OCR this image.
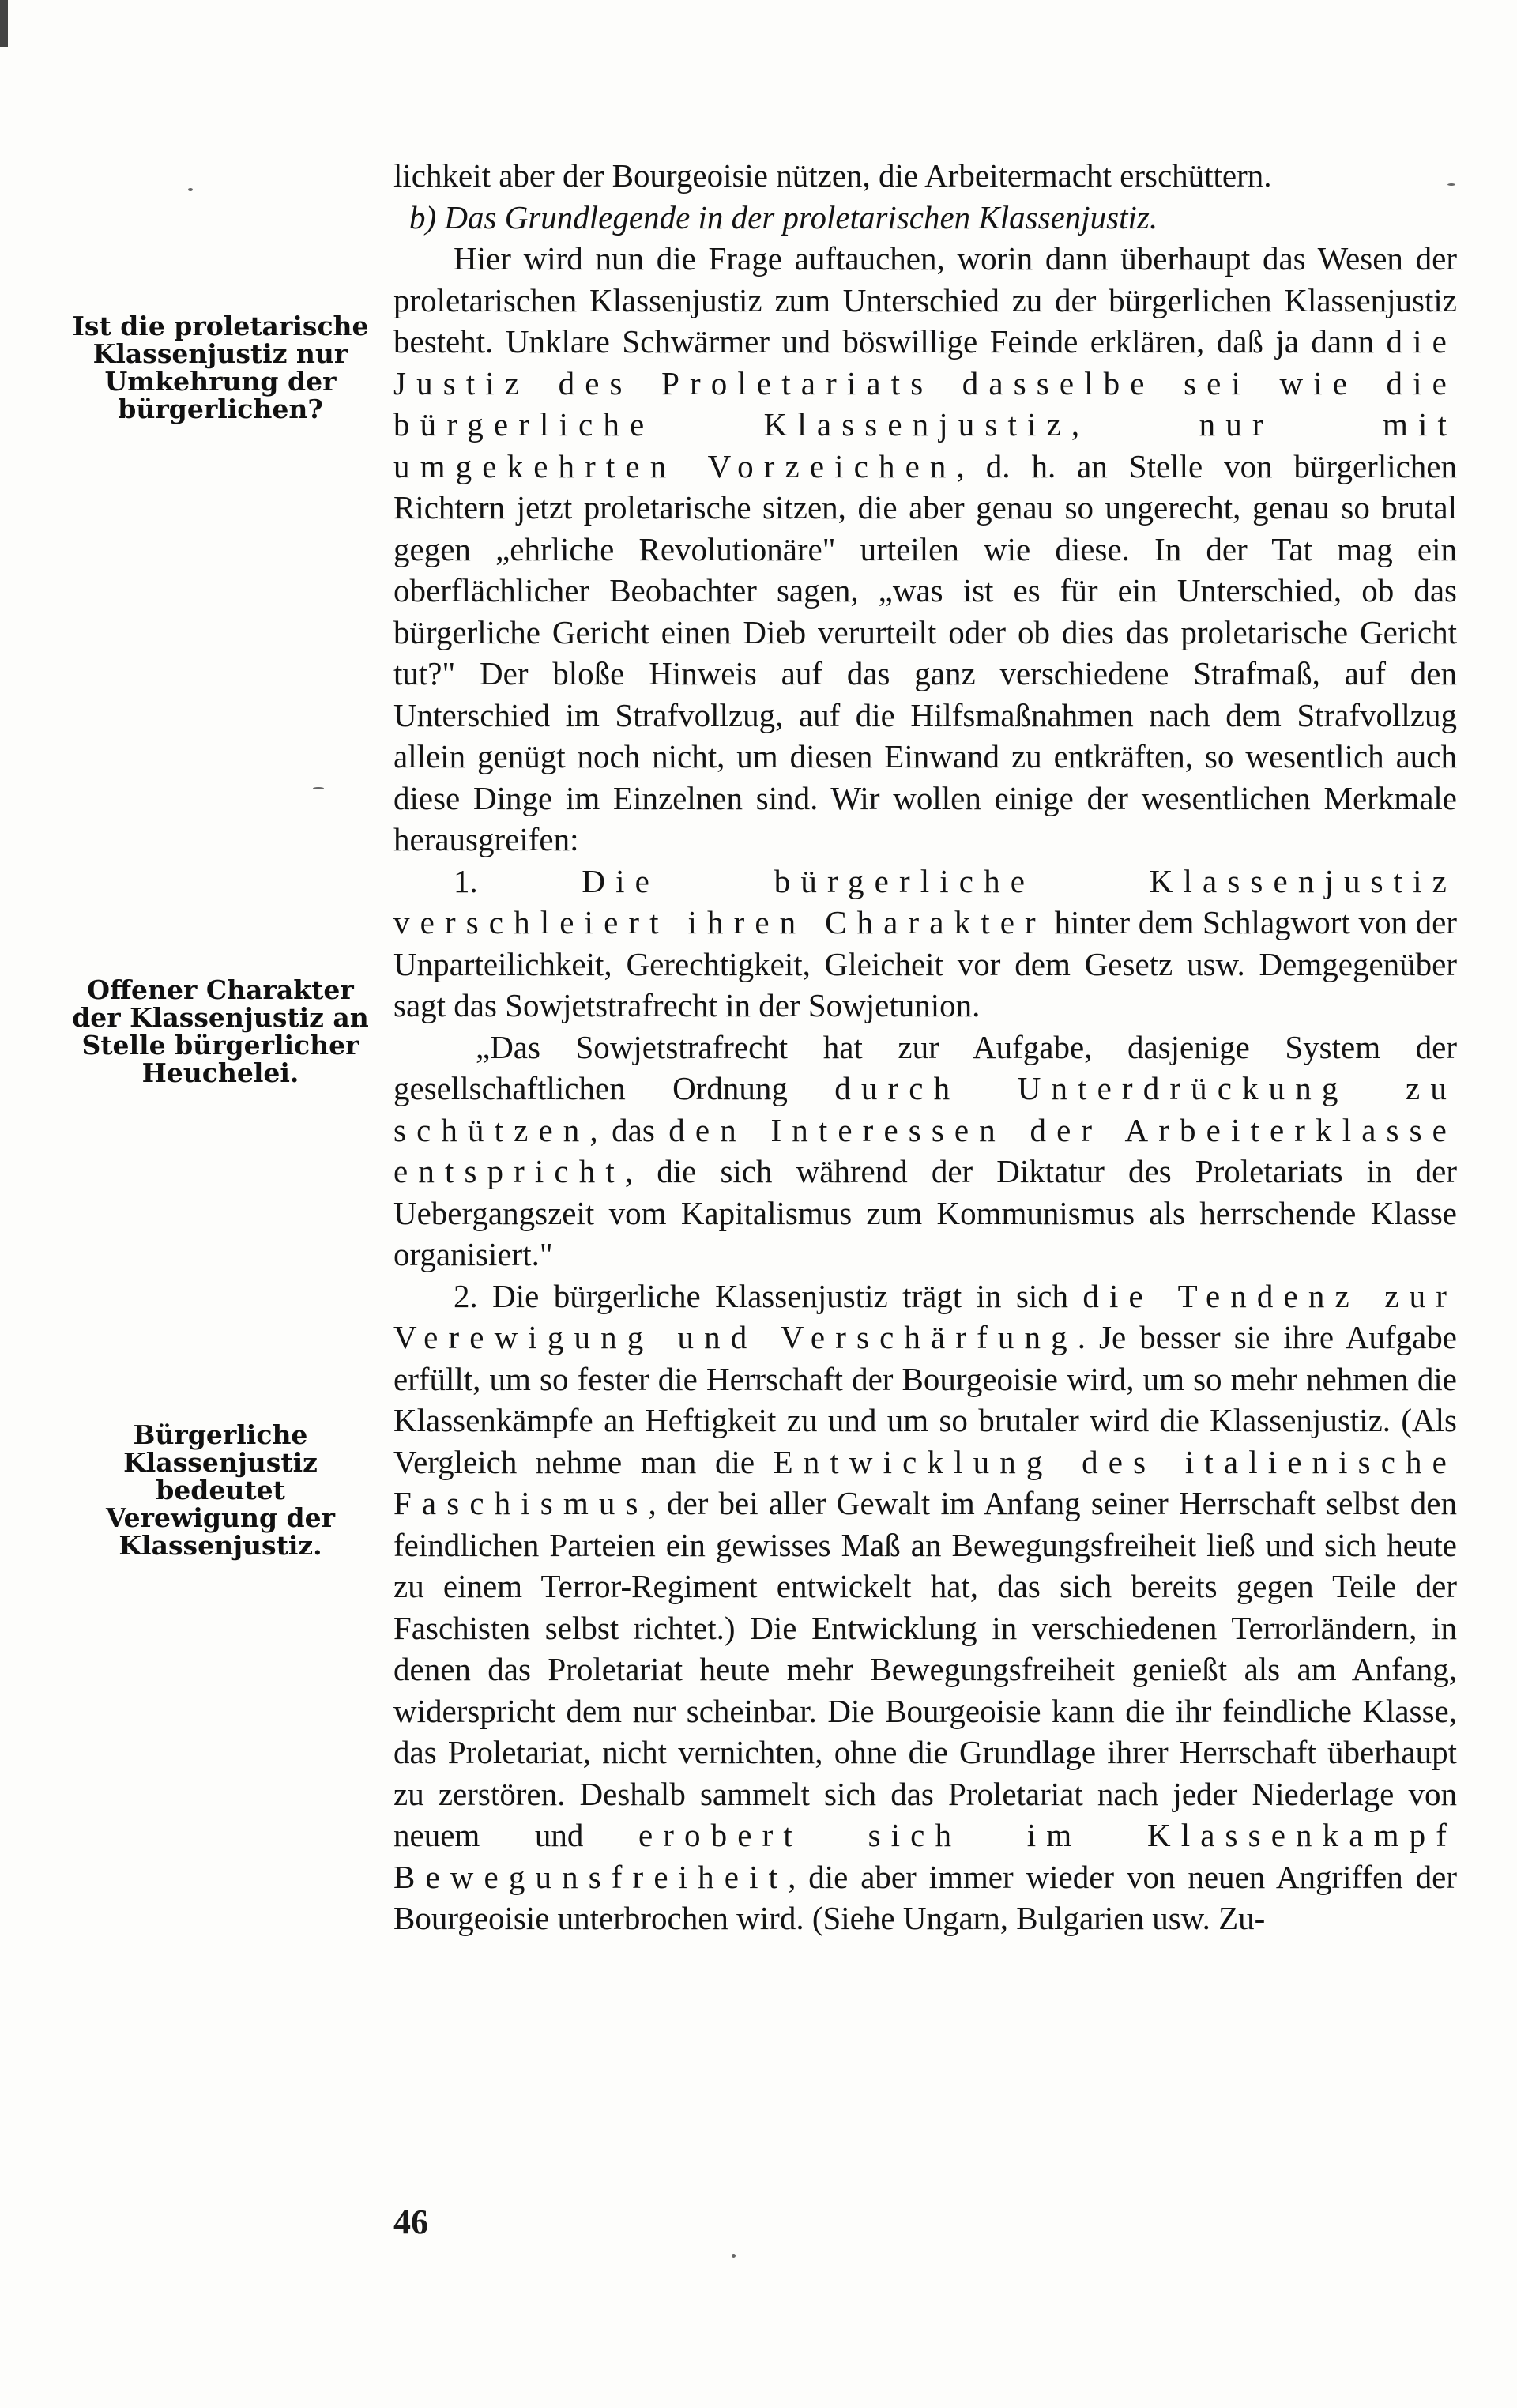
Ist die proletarische Klassenjustiz nur Umkehrung der bürgerlichen?
Offener Charakter der Klassenjustiz an Stelle bürgerlicher Heuchelei.
Bürgerliche Klassenjustiz bedeutet Verewigung der Klassenjustiz.

lichkeit aber der Bourgeoisie nützen, die Arbeitermacht erschüttern.

b) Das Grundlegende in der proletarischen Klassenjustiz.

Hier wird nun die Frage auftauchen, worin dann überhaupt das Wesen der proletarischen Klassenjustiz zum Unterschied zu der bürgerlichen Klassenjustiz besteht. Unklare Schwärmer und böswillige Feinde erklären, daß ja dann die Justiz des Proletariats dasselbe sei wie die bürgerliche Klassenjustiz, nur mit umgekehrten Vorzeichen, d. h. an Stelle von bürgerlichen Richtern jetzt proletarische sitzen, die aber genau so ungerecht, genau so brutal gegen „ehrliche Revolutionäre" urteilen wie diese. In der Tat mag ein oberflächlicher Beobachter sagen, „was ist es für ein Unterschied, ob das bürgerliche Gericht einen Dieb verurteilt oder ob dies das proletarische Gericht tut?" Der bloße Hinweis auf das ganz verschiedene Strafmaß, auf den Unterschied im Strafvollzug, auf die Hilfsmaßnahmen nach dem Strafvollzug allein genügt noch nicht, um diesen Einwand zu entkräften, so wesentlich auch diese Dinge im Einzelnen sind. Wir wollen einige der wesentlichen Merkmale herausgreifen:

1.	Die bürgerliche Klassenjustiz verschleiert ihren Charakter hinter dem Schlagwort von der Unparteilichkeit, Gerechtigkeit, Gleicheit vor dem Gesetz usw. Demgegenüber sagt das Sowjetstrafrecht in der Sowjetunion.

„Das Sowjetstrafrecht hat zur Aufgabe, dasjenige System der gesellschaftlichen Ordnung durch Unterdrückung zu schützen, das den Interessen der Arbeiterklasse entspricht, die sich während der Diktatur des Proletariats in der Uebergangszeit vom Kapitalismus zum Kommunismus als herrschende Klasse organisiert."

2. Die bürgerliche Klassenjustiz trägt in sich die Tendenz zur Verewigung und Verschärfung. Je besser sie ihre Aufgabe erfüllt, um so fester die Herrschaft der Bourgeoisie wird, um so mehr nehmen die Klassenkämpfe an Heftigkeit zu und um so brutaler wird die Klassenjustiz. (Als Vergleich nehme man die Entwicklung des italienische Faschismus, der bei aller Gewalt im Anfang seiner Herrschaft selbst den feindlichen Parteien ein gewisses Maß an Bewegungsfreiheit ließ und sich heute zu einem Terror-Regiment entwickelt hat, das sich bereits gegen Teile der Faschisten selbst richtet.) Die Entwicklung in verschiedenen Terrorländern, in denen das Proletariat heute mehr Bewegungsfreiheit genießt als am Anfang, widerspricht dem nur scheinbar. Die Bourgeoisie kann die ihr feindliche Klasse, das Proletariat, nicht vernichten, ohne die Grundlage ihrer Herrschaft überhaupt zu zerstören. Deshalb sammelt sich das Proletariat nach jeder Niederlage von neuem und erobert sich im Klassenkampf Bewegunsfreiheit, die aber immer wieder von neuen Angriffen der Bourgeoisie unterbrochen wird. (Siehe Ungarn, Bulgarien usw. Zu-

46
